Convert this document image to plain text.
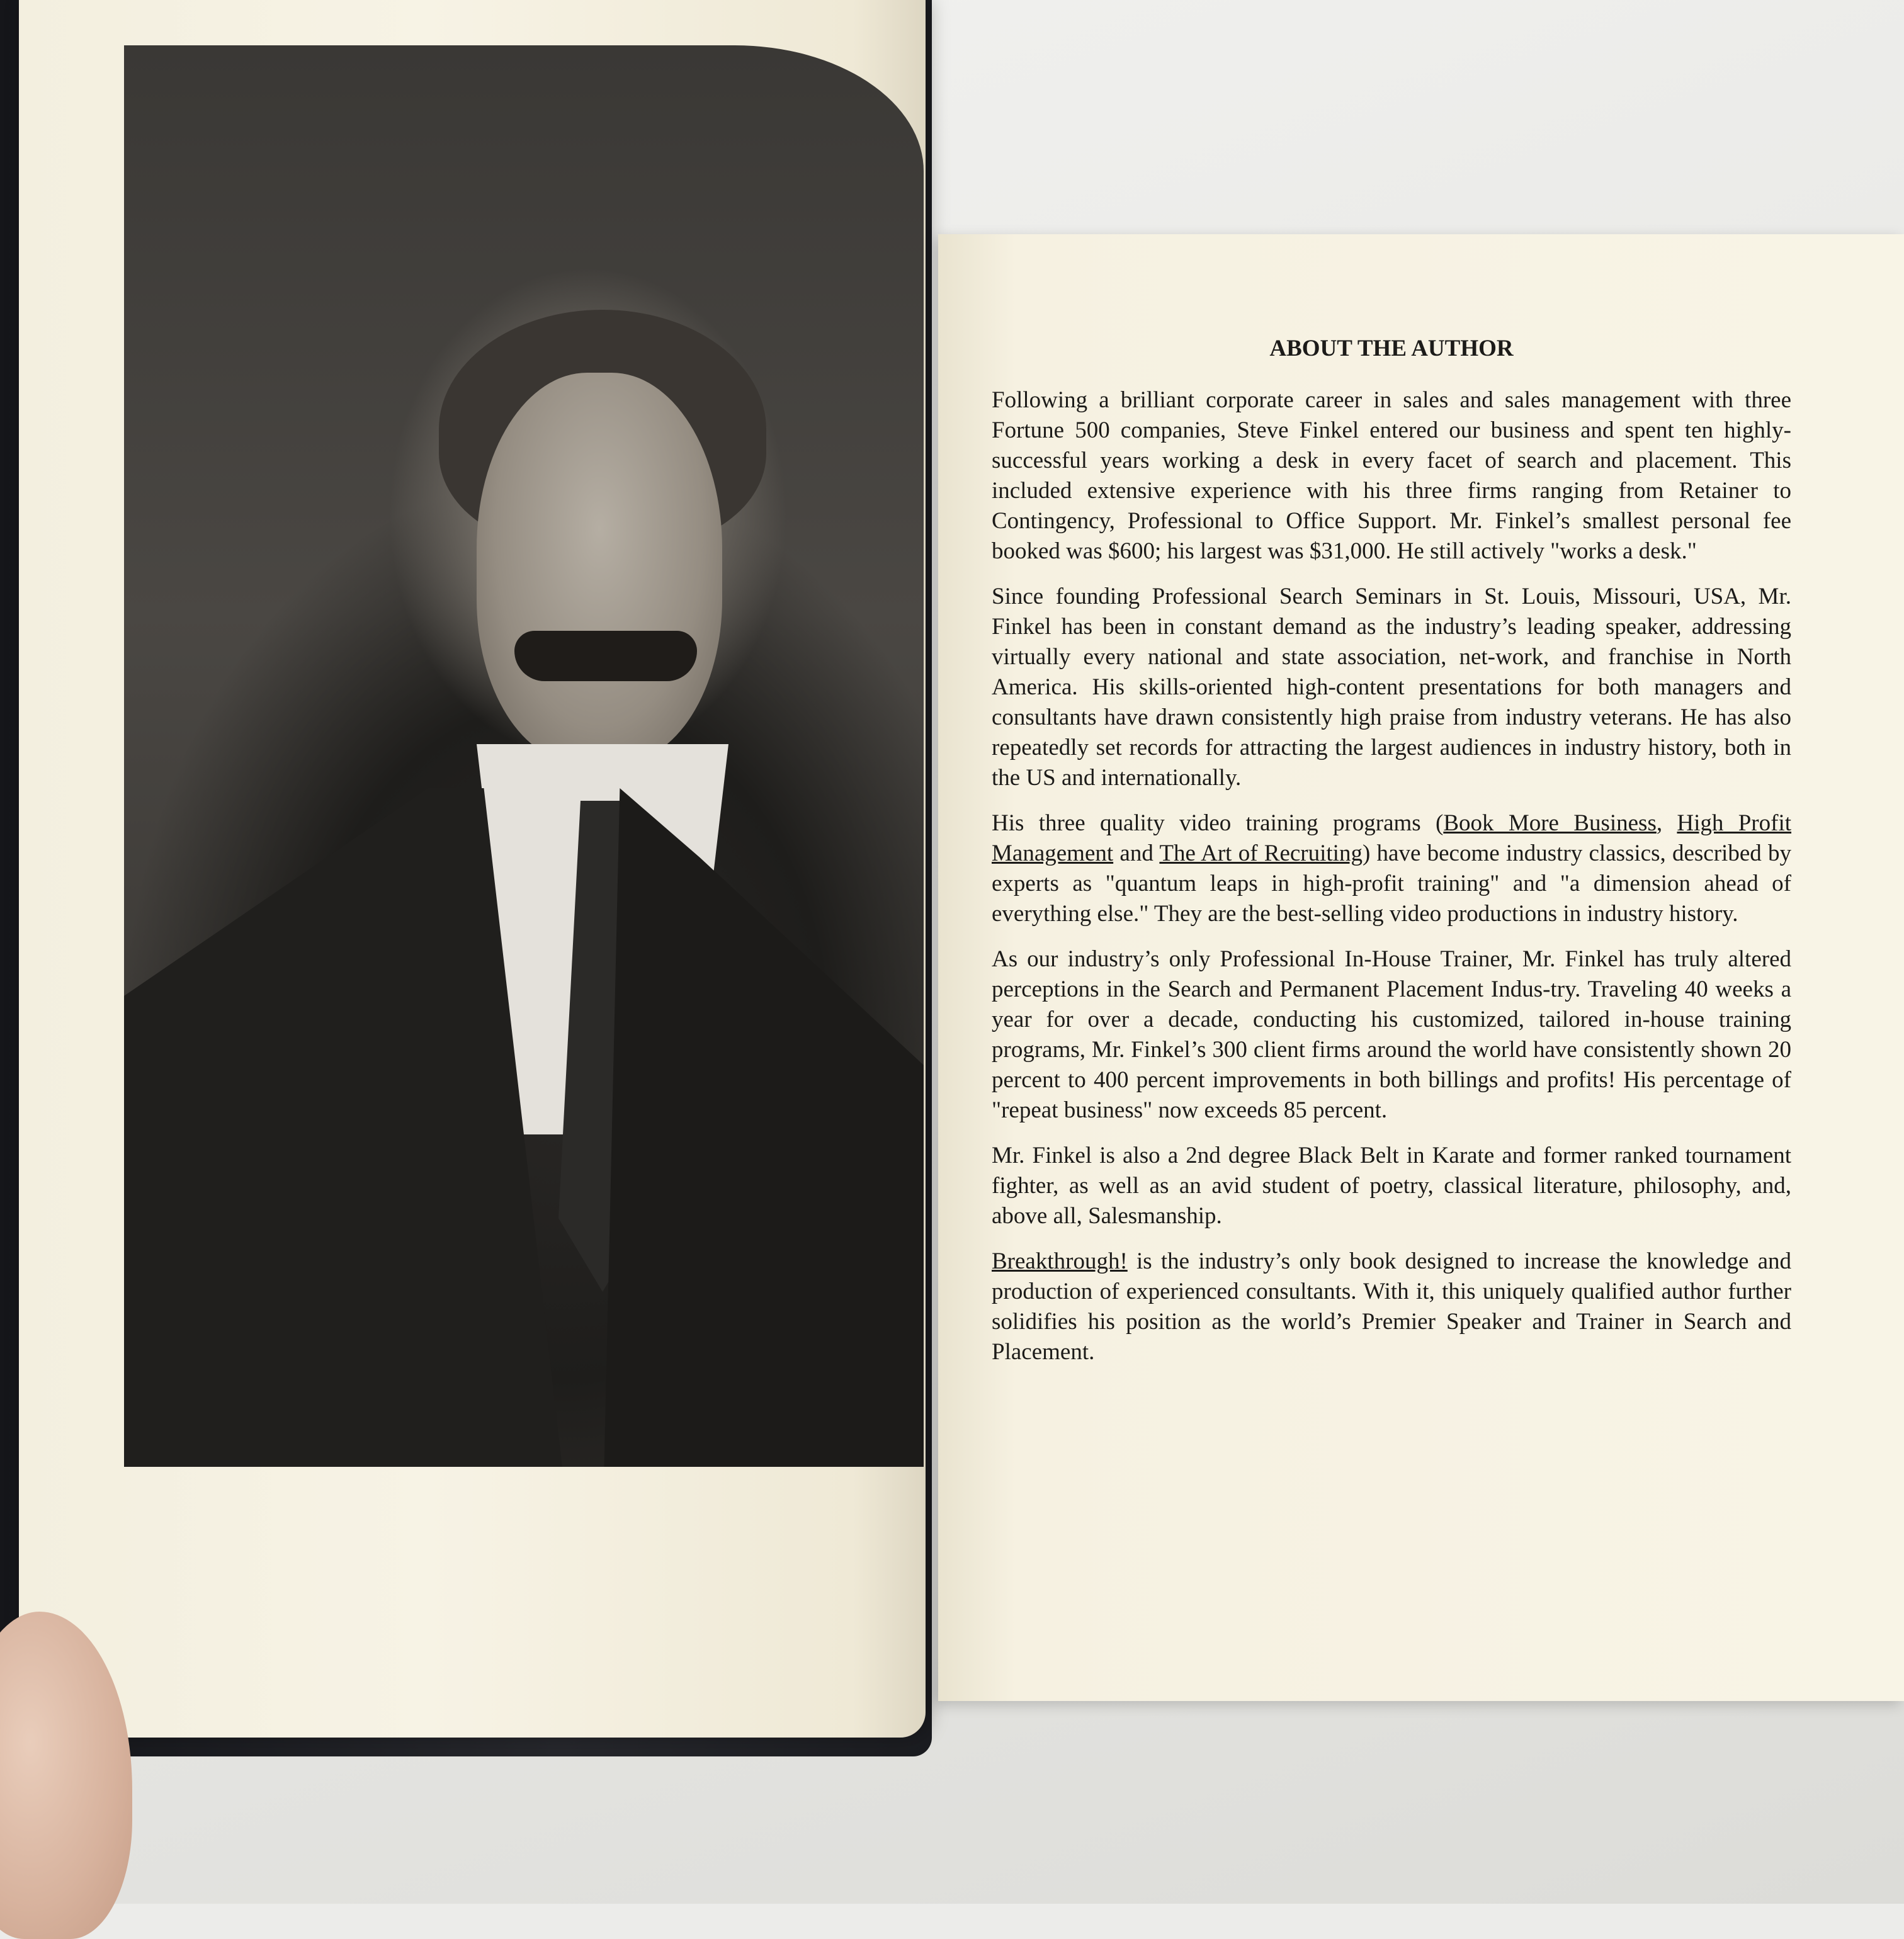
ABOUT THE AUTHOR

Following a brilliant corporate career in sales and sales management with three Fortune 500 companies, Steve Finkel entered our business and spent ten highly-successful years working a desk in every facet of search and placement. This included extensive experience with his three firms ranging from Retainer to Contingency, Professional to Office Support. Mr. Finkel’s smallest personal fee booked was $600; his largest was $31,000. He still actively "works a desk."

Since founding Professional Search Seminars in St. Louis, Missouri, USA, Mr. Finkel has been in constant demand as the industry’s leading speaker, addressing virtually every national and state association, net-work, and franchise in North America. His skills-oriented high-content presentations for both managers and consultants have drawn consistently high praise from industry veterans. He has also repeatedly set records for attracting the largest audiences in industry history, both in the US and internationally.

His three quality video training programs (Book More Business, High Profit Management and The Art of Recruiting) have become industry classics, described by experts as "quantum leaps in high-profit training" and "a dimension ahead of everything else." They are the best-selling video productions in industry history.

As our industry’s only Professional In-House Trainer, Mr. Finkel has truly altered perceptions in the Search and Permanent Placement Indus-try. Traveling 40 weeks a year for over a decade, conducting his customized, tailored in-house training programs, Mr. Finkel’s 300 client firms around the world have consistently shown 20 percent to 400 percent improvements in both billings and profits! His percentage of "repeat business" now exceeds 85 percent.

Mr. Finkel is also a 2nd degree Black Belt in Karate and former ranked tournament fighter, as well as an avid student of poetry, classical literature, philosophy, and, above all, Salesmanship.

Breakthrough! is the industry’s only book designed to increase the knowledge and production of experienced consultants. With it, this uniquely qualified author further solidifies his position as the world’s Premier Speaker and Trainer in Search and Placement.
